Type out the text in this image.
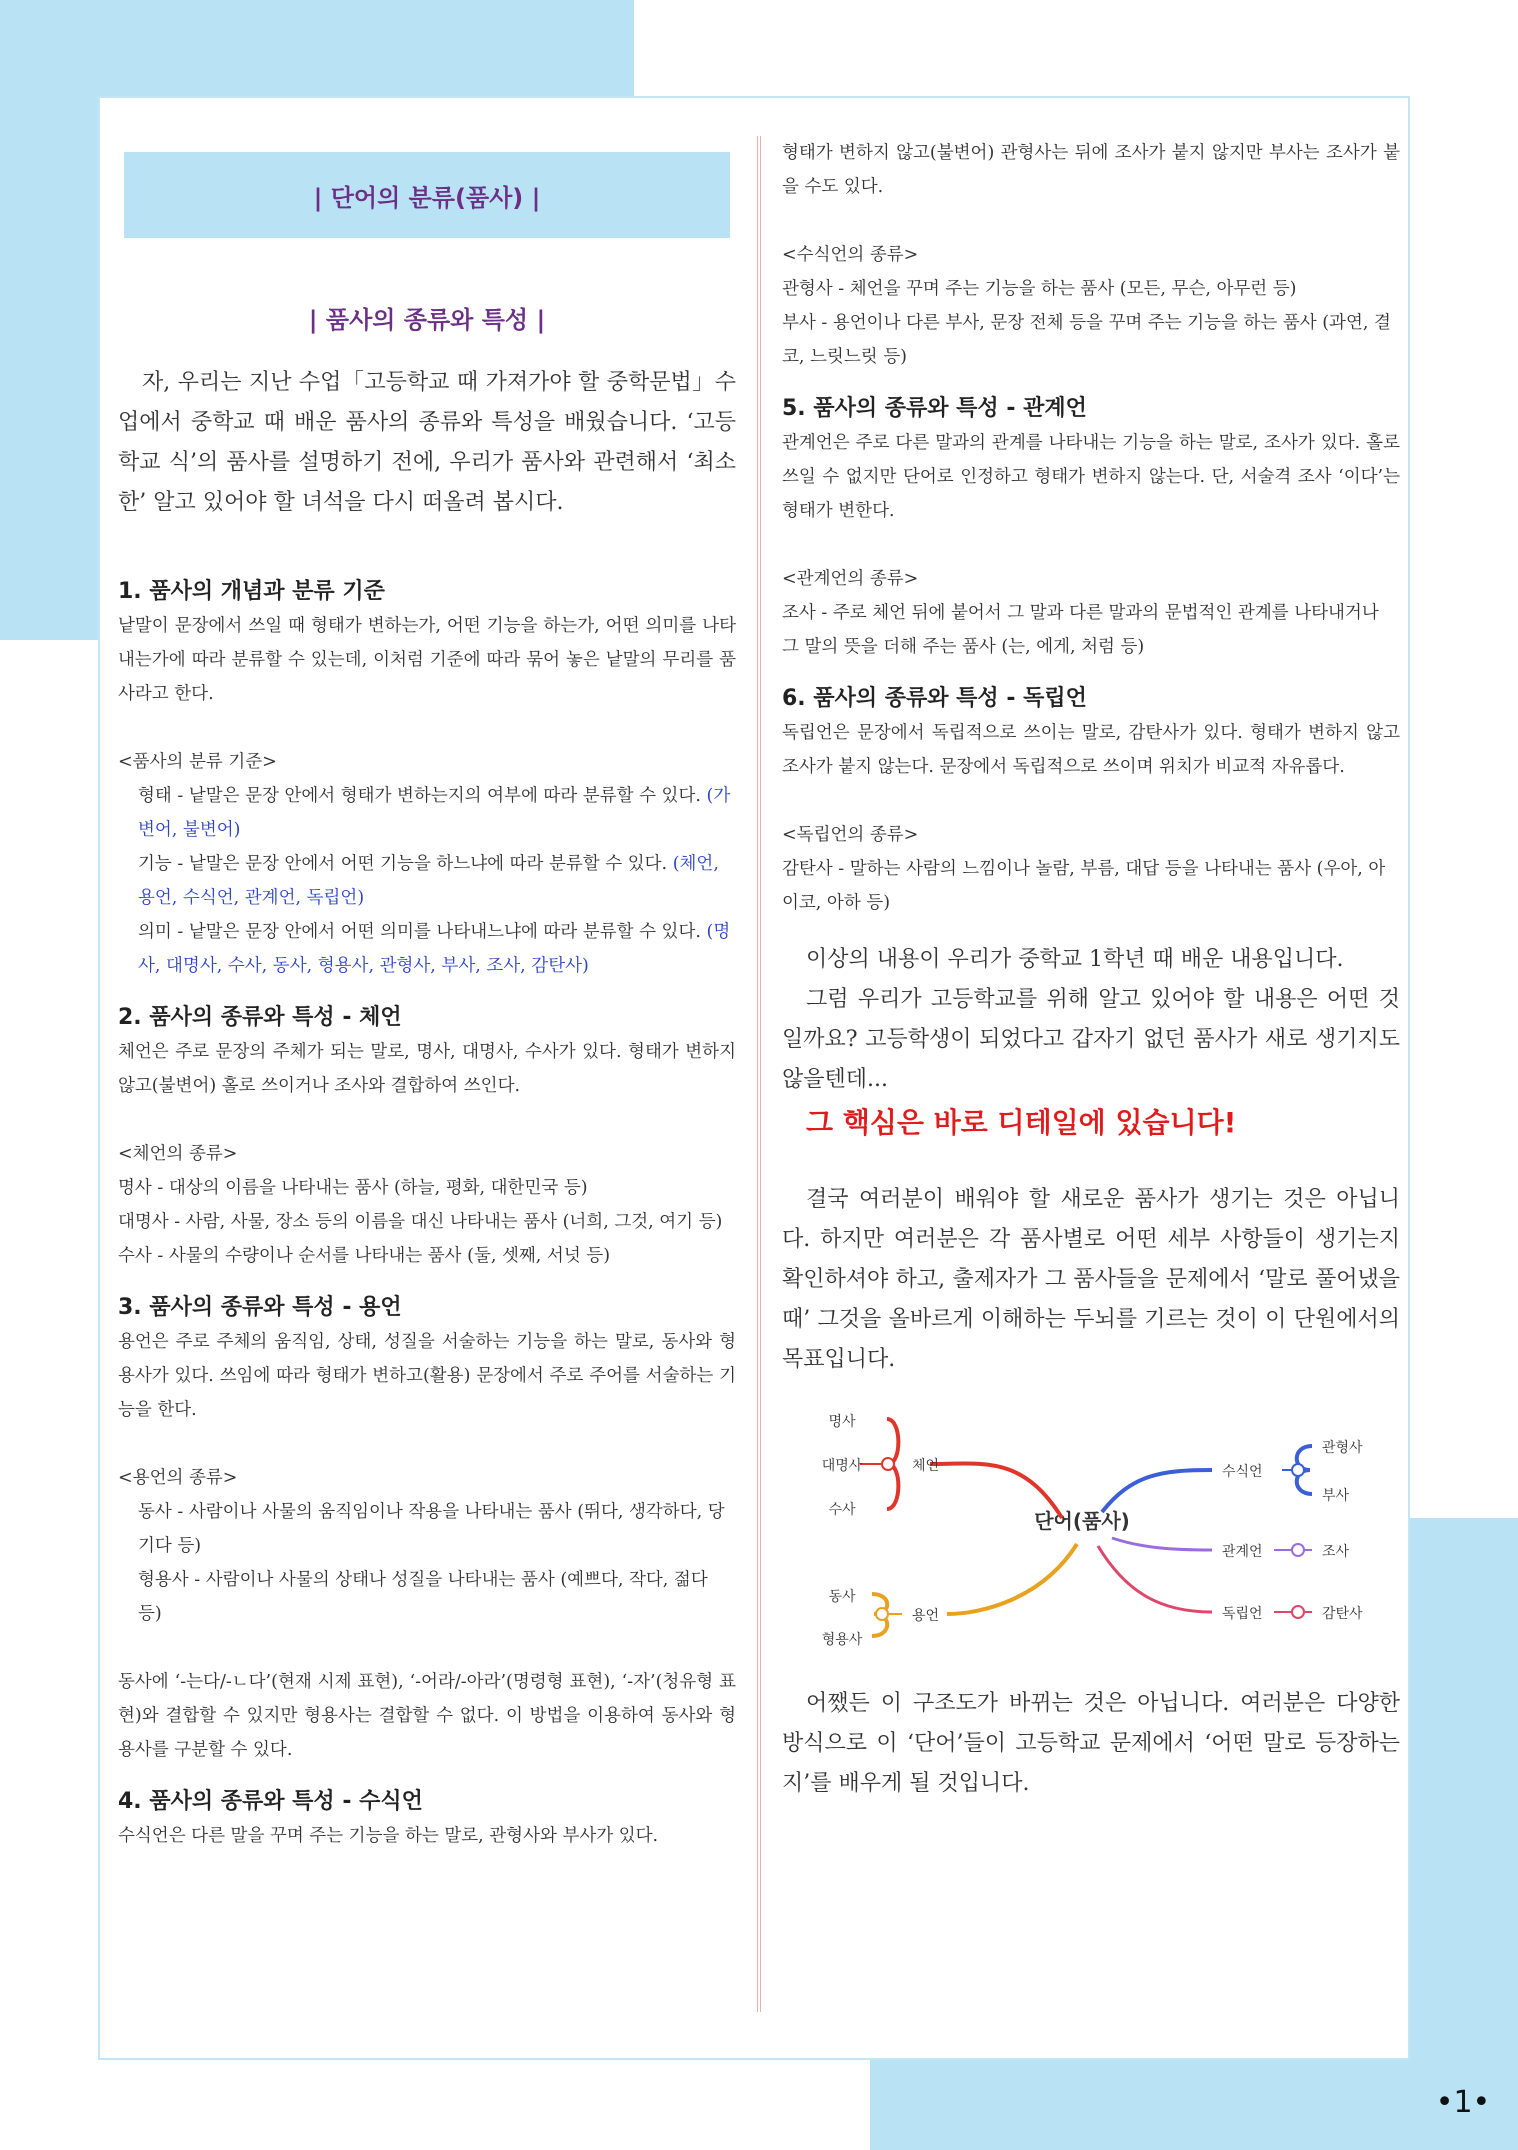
| 단어의 분류(품사) |
| 품사의 종류와 특성 |

자, 우리는 지난 수업「고등학교 때 가져가야 할 중학문법」수업에서 중학교 때 배운 품사의 종류와 특성을 배웠습니다. ‘고등학교 식’의 품사를 설명하기 전에, 우리가 품사와 관련해서 ‘최소한’ 알고 있어야 할 녀석을 다시 떠올려 봅시다.

1. 품사의 개념과 분류 기준

낱말이 문장에서 쓰일 때 형태가 변하는가, 어떤 기능을 하는가, 어떤 의미를 나타내는가에 따라 분류할 수 있는데, 이처럼 기준에 따라 묶어 놓은 낱말의 무리를 품사라고 한다.

<품사의 분류 기준>

형태 - 낱말은 문장 안에서 형태가 변하는지의 여부에 따라 분류할 수 있다. (가변어, 불변어)
기능 - 낱말은 문장 안에서 어떤 기능을 하느냐에 따라 분류할 수 있다. (체언, 용언, 수식언, 관계언, 독립언)
의미 - 낱말은 문장 안에서 어떤 의미를 나타내느냐에 따라 분류할 수 있다. (명사, 대명사, 수사, 동사, 형용사, 관형사, 부사, 조사, 감탄사)
2. 품사의 종류와 특성 - 체언

체언은 주로 문장의 주체가 되는 말로, 명사, 대명사, 수사가 있다. 형태가 변하지 않고(불변어) 홀로 쓰이거나 조사와 결합하여 쓰인다.

<체언의 종류>

명사 - 대상의 이름을 나타내는 품사 (하늘, 평화, 대한민국 등)

대명사 - 사람, 사물, 장소 등의 이름을 대신 나타내는 품사 (너희, 그것, 여기 등)

수사 - 사물의 수량이나 순서를 나타내는 품사 (둘, 셋째, 서넛 등)

3. 품사의 종류와 특성 - 용언

용언은 주로 주체의 움직임, 상태, 성질을 서술하는 기능을 하는 말로, 동사와 형용사가 있다. 쓰임에 따라 형태가 변하고(활용) 문장에서 주로 주어를 서술하는 기능을 한다.

<용언의 종류>

동사 - 사람이나 사물의 움직임이나 작용을 나타내는 품사 (뛰다, 생각하다, 당기다 등)

형용사 - 사람이나 사물의 상태나 성질을 나타내는 품사 (예쁘다, 작다, 젊다 등)

동사에 ‘-는다/-ㄴ다’(현재 시제 표현), ‘-어라/-아라’(명령형 표현), ‘-자’(청유형 표현)와 결합할 수 있지만 형용사는 결합할 수 없다. 이 방법을 이용하여 동사와 형용사를 구분할 수 있다.

4. 품사의 종류와 특성 - 수식언

수식언은 다른 말을 꾸며 주는 기능을 하는 말로, 관형사와 부사가 있다.

형태가 변하지 않고(불변어) 관형사는 뒤에 조사가 붙지 않지만 부사는 조사가 붙을 수도 있다.

<수식언의 종류>

관형사 - 체언을 꾸며 주는 기능을 하는 품사 (모든, 무슨, 아무런 등)

부사 - 용언이나 다른 부사, 문장 전체 등을 꾸며 주는 기능을 하는 품사 (과연, 결코, 느릿느릿 등)

5. 품사의 종류와 특성 - 관계언

관계언은 주로 다른 말과의 관계를 나타내는 기능을 하는 말로, 조사가 있다. 홀로 쓰일 수 없지만 단어로 인정하고 형태가 변하지 않는다. 단, 서술격 조사 ‘이다’는 형태가 변한다.

<관계언의 종류>

조사 - 주로 체언 뒤에 붙어서 그 말과 다른 말과의 문법적인 관계를 나타내거나 그 말의 뜻을 더해 주는 품사 (는, 에게, 처럼 등)

6. 품사의 종류와 특성 - 독립언

독립언은 문장에서 독립적으로 쓰이는 말로, 감탄사가 있다. 형태가 변하지 않고 조사가 붙지 않는다. 문장에서 독립적으로 쓰이며 위치가 비교적 자유롭다.

<독립언의 종류>

감탄사 - 말하는 사람의 느낌이나 놀람, 부름, 대답 등을 나타내는 품사 (우아, 아이코, 아하 등)

이상의 내용이 우리가 중학교 1학년 때 배운 내용입니다.

그럼 우리가 고등학교를 위해 알고 있어야 할 내용은 어떤 것일까요? 고등학생이 되었다고 갑자기 없던 품사가 새로 생기지도 않을텐데...

그 핵심은 바로 디테일에 있습니다!

결국 여러분이 배워야 할 새로운 품사가 생기는 것은 아닙니다. 하지만 여러분은 각 품사별로 어떤 세부 사항들이 생기는지 확인하셔야 하고, 출제자가 그 품사들을 문제에서 ‘말로 풀어냈을 때’ 그것을 올바르게 이해하는 두뇌를 기르는 것이 이 단원에서의 목표입니다.

단어(품사)
명사
대명사
수사
체언
동사
형용사
용언
수식언
관형사
부사
관계언	조사
독립언	감탄사

어쨌든 이 구조도가 바뀌는 것은 아닙니다. 여러분은 다양한 방식으로 이 ‘단어’들이 고등학교 문제에서 ‘어떤 말로 등장하는지’를 배우게 될 것입니다.

•1•
